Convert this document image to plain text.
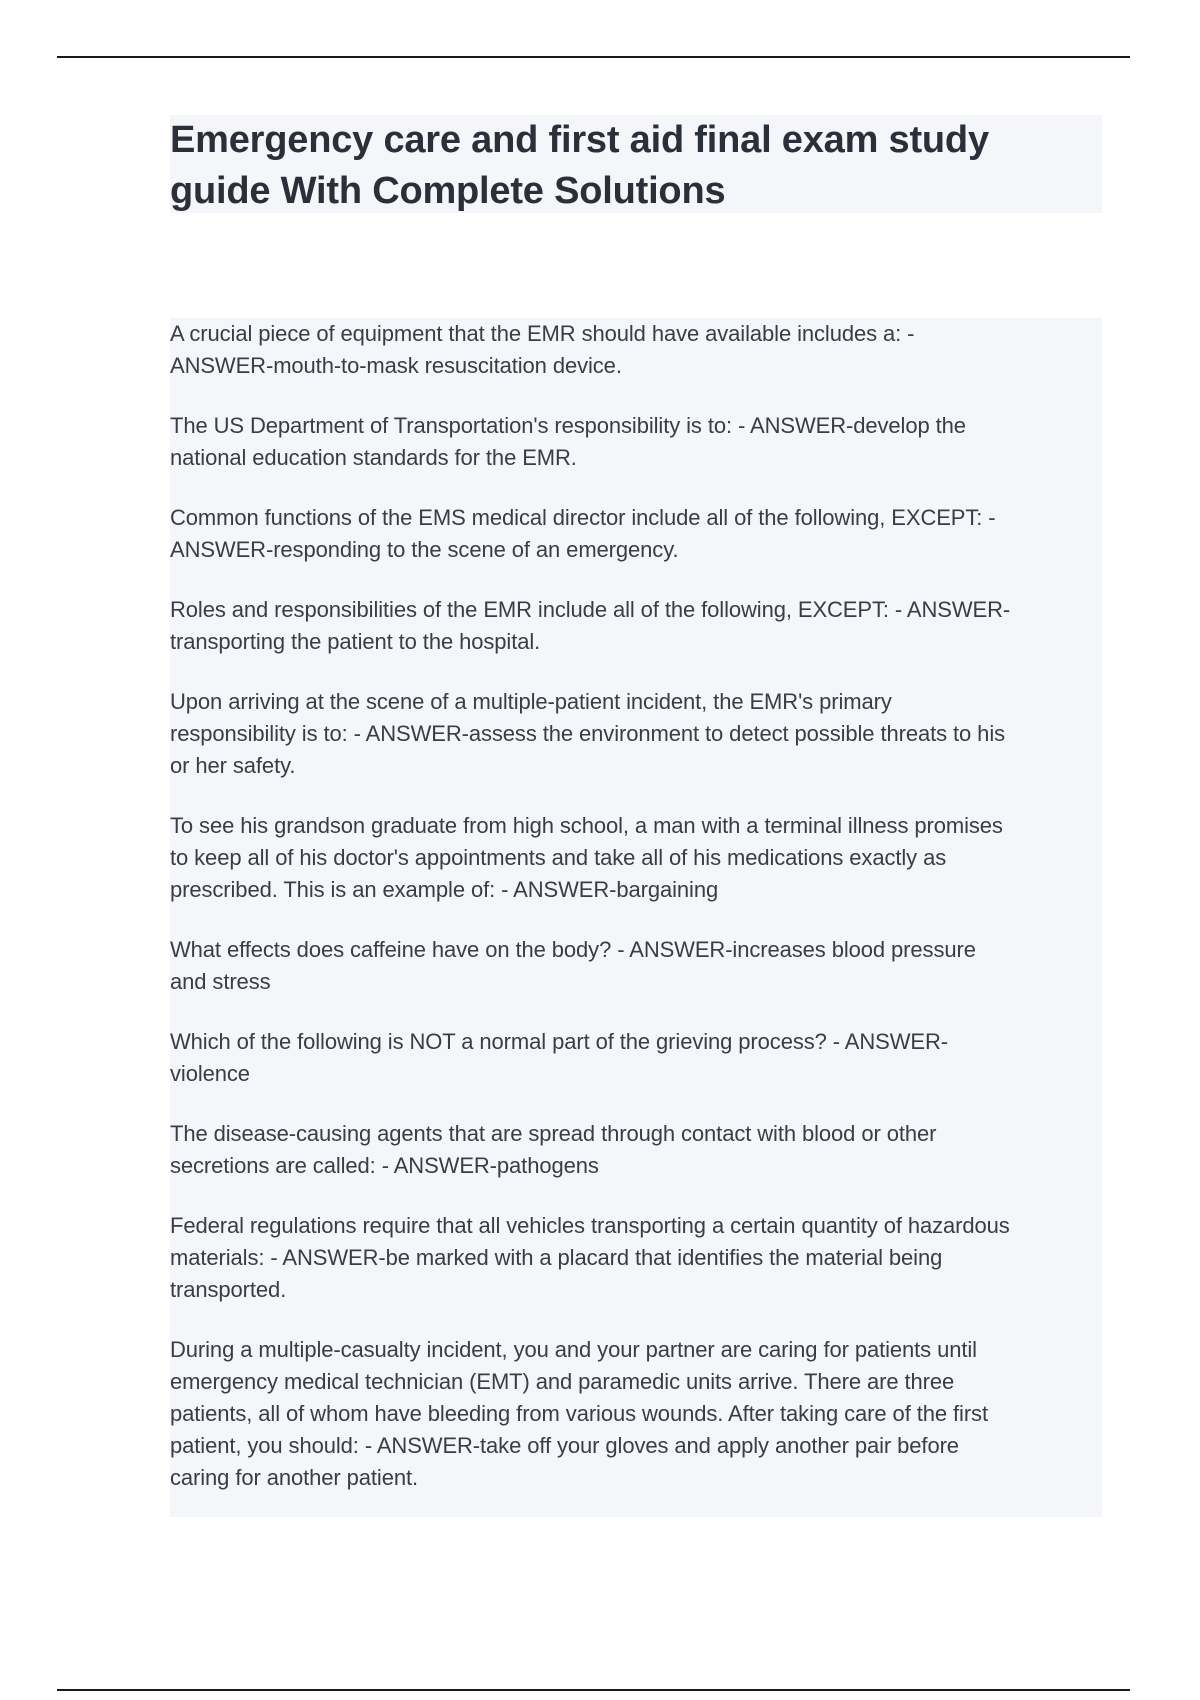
Emergency care and first aid final exam study
guide With Complete Solutions
A crucial piece of equipment that the EMR should have available includes a: -
ANSWER-mouth-to-mask resuscitation device.
The US Department of Transportation's responsibility is to: - ANSWER-develop the
national education standards for the EMR.
Common functions of the EMS medical director include all of the following, EXCEPT: -
ANSWER-responding to the scene of an emergency.
Roles and responsibilities of the EMR include all of the following, EXCEPT: - ANSWER-
transporting the patient to the hospital.
Upon arriving at the scene of a multiple-patient incident, the EMR's primary
responsibility is to: - ANSWER-assess the environment to detect possible threats to his
or her safety.
To see his grandson graduate from high school, a man with a terminal illness promises
to keep all of his doctor's appointments and take all of his medications exactly as
prescribed. This is an example of: - ANSWER-bargaining
What effects does caffeine have on the body? - ANSWER-increases blood pressure
and stress
Which of the following is NOT a normal part of the grieving process? - ANSWER-
violence
The disease-causing agents that are spread through contact with blood or other
secretions are called: - ANSWER-pathogens
Federal regulations require that all vehicles transporting a certain quantity of hazardous
materials: - ANSWER-be marked with a placard that identifies the material being
transported.
During a multiple-casualty incident, you and your partner are caring for patients until
emergency medical technician (EMT) and paramedic units arrive. There are three
patients, all of whom have bleeding from various wounds. After taking care of the first
patient, you should: - ANSWER-take off your gloves and apply another pair before
caring for another patient.
